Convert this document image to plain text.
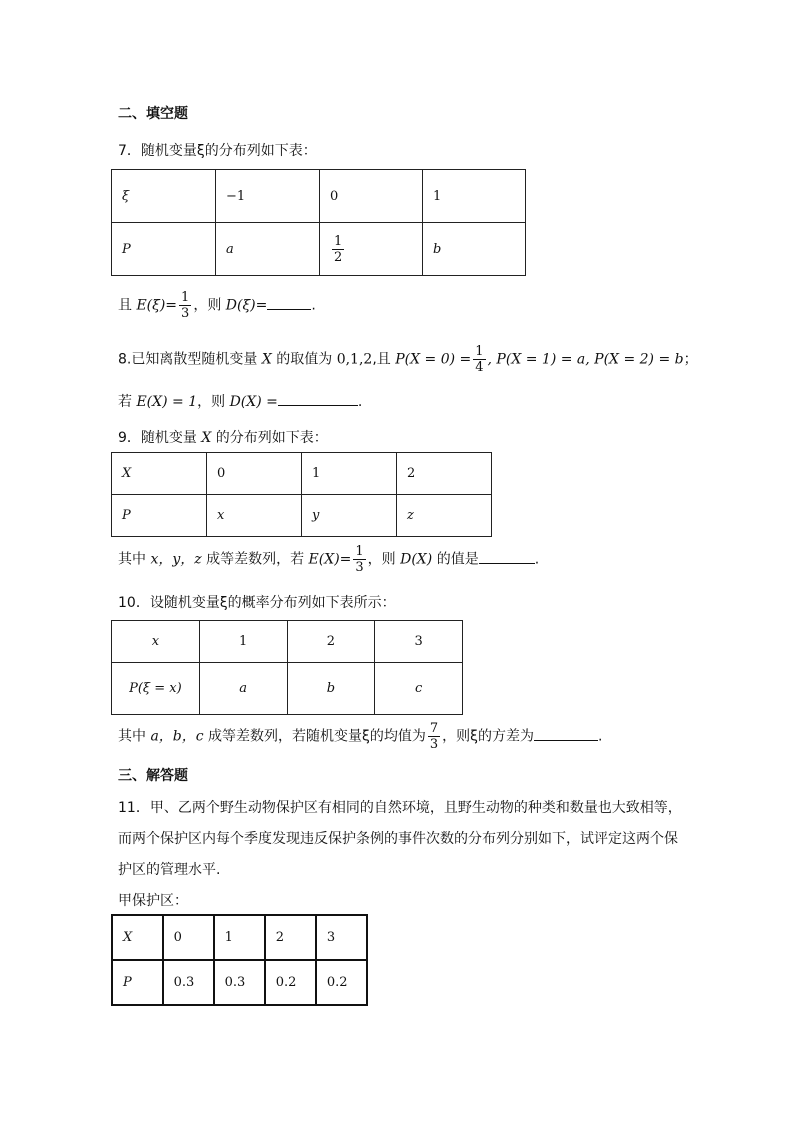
二、填空题
7．随机变量ξ的分布列如下表：
ξ	−1	0	1
P	a	$\frac{1}{2}$	b
且 $E(\xi)= \frac{1}{3}$ ，则 D(ξ)=	.
8.已知离散型随机变量 X 的取值为 0,1,2,且 $P(X = 0) = \frac{1}{4}$ , P(X = 1) = a, P(X = 2) = b；
若 E(X) = 1，则 D(X) =	.
9．随机变量 X 的分布列如下表：
X	0	1	2
P	x	y	z
其中 x，y，z 成等差数列，若 $E(X)= \frac{1}{3}$ ，则 D(X) 的值是	.
10．设随机变量ξ的概率分布列如下表所示：
x	1	2	3
P(ξ = x)	a	b	c
其中 a，b，c 成等差数列，若随机变量ξ的均值为 $\frac{7}{3}$ ，则ξ的方差为	.
三、解答题
11．甲、乙两个野生动物保护区有相同的自然环境，且野生动物的种类和数量也大致相等，
而两个保护区内每个季度发现违反保护条例的事件次数的分布列分别如下，试评定这两个保
护区的管理水平.
甲保护区：
X	0	1	2	3
P	0.3	0.3	0.2	0.2
